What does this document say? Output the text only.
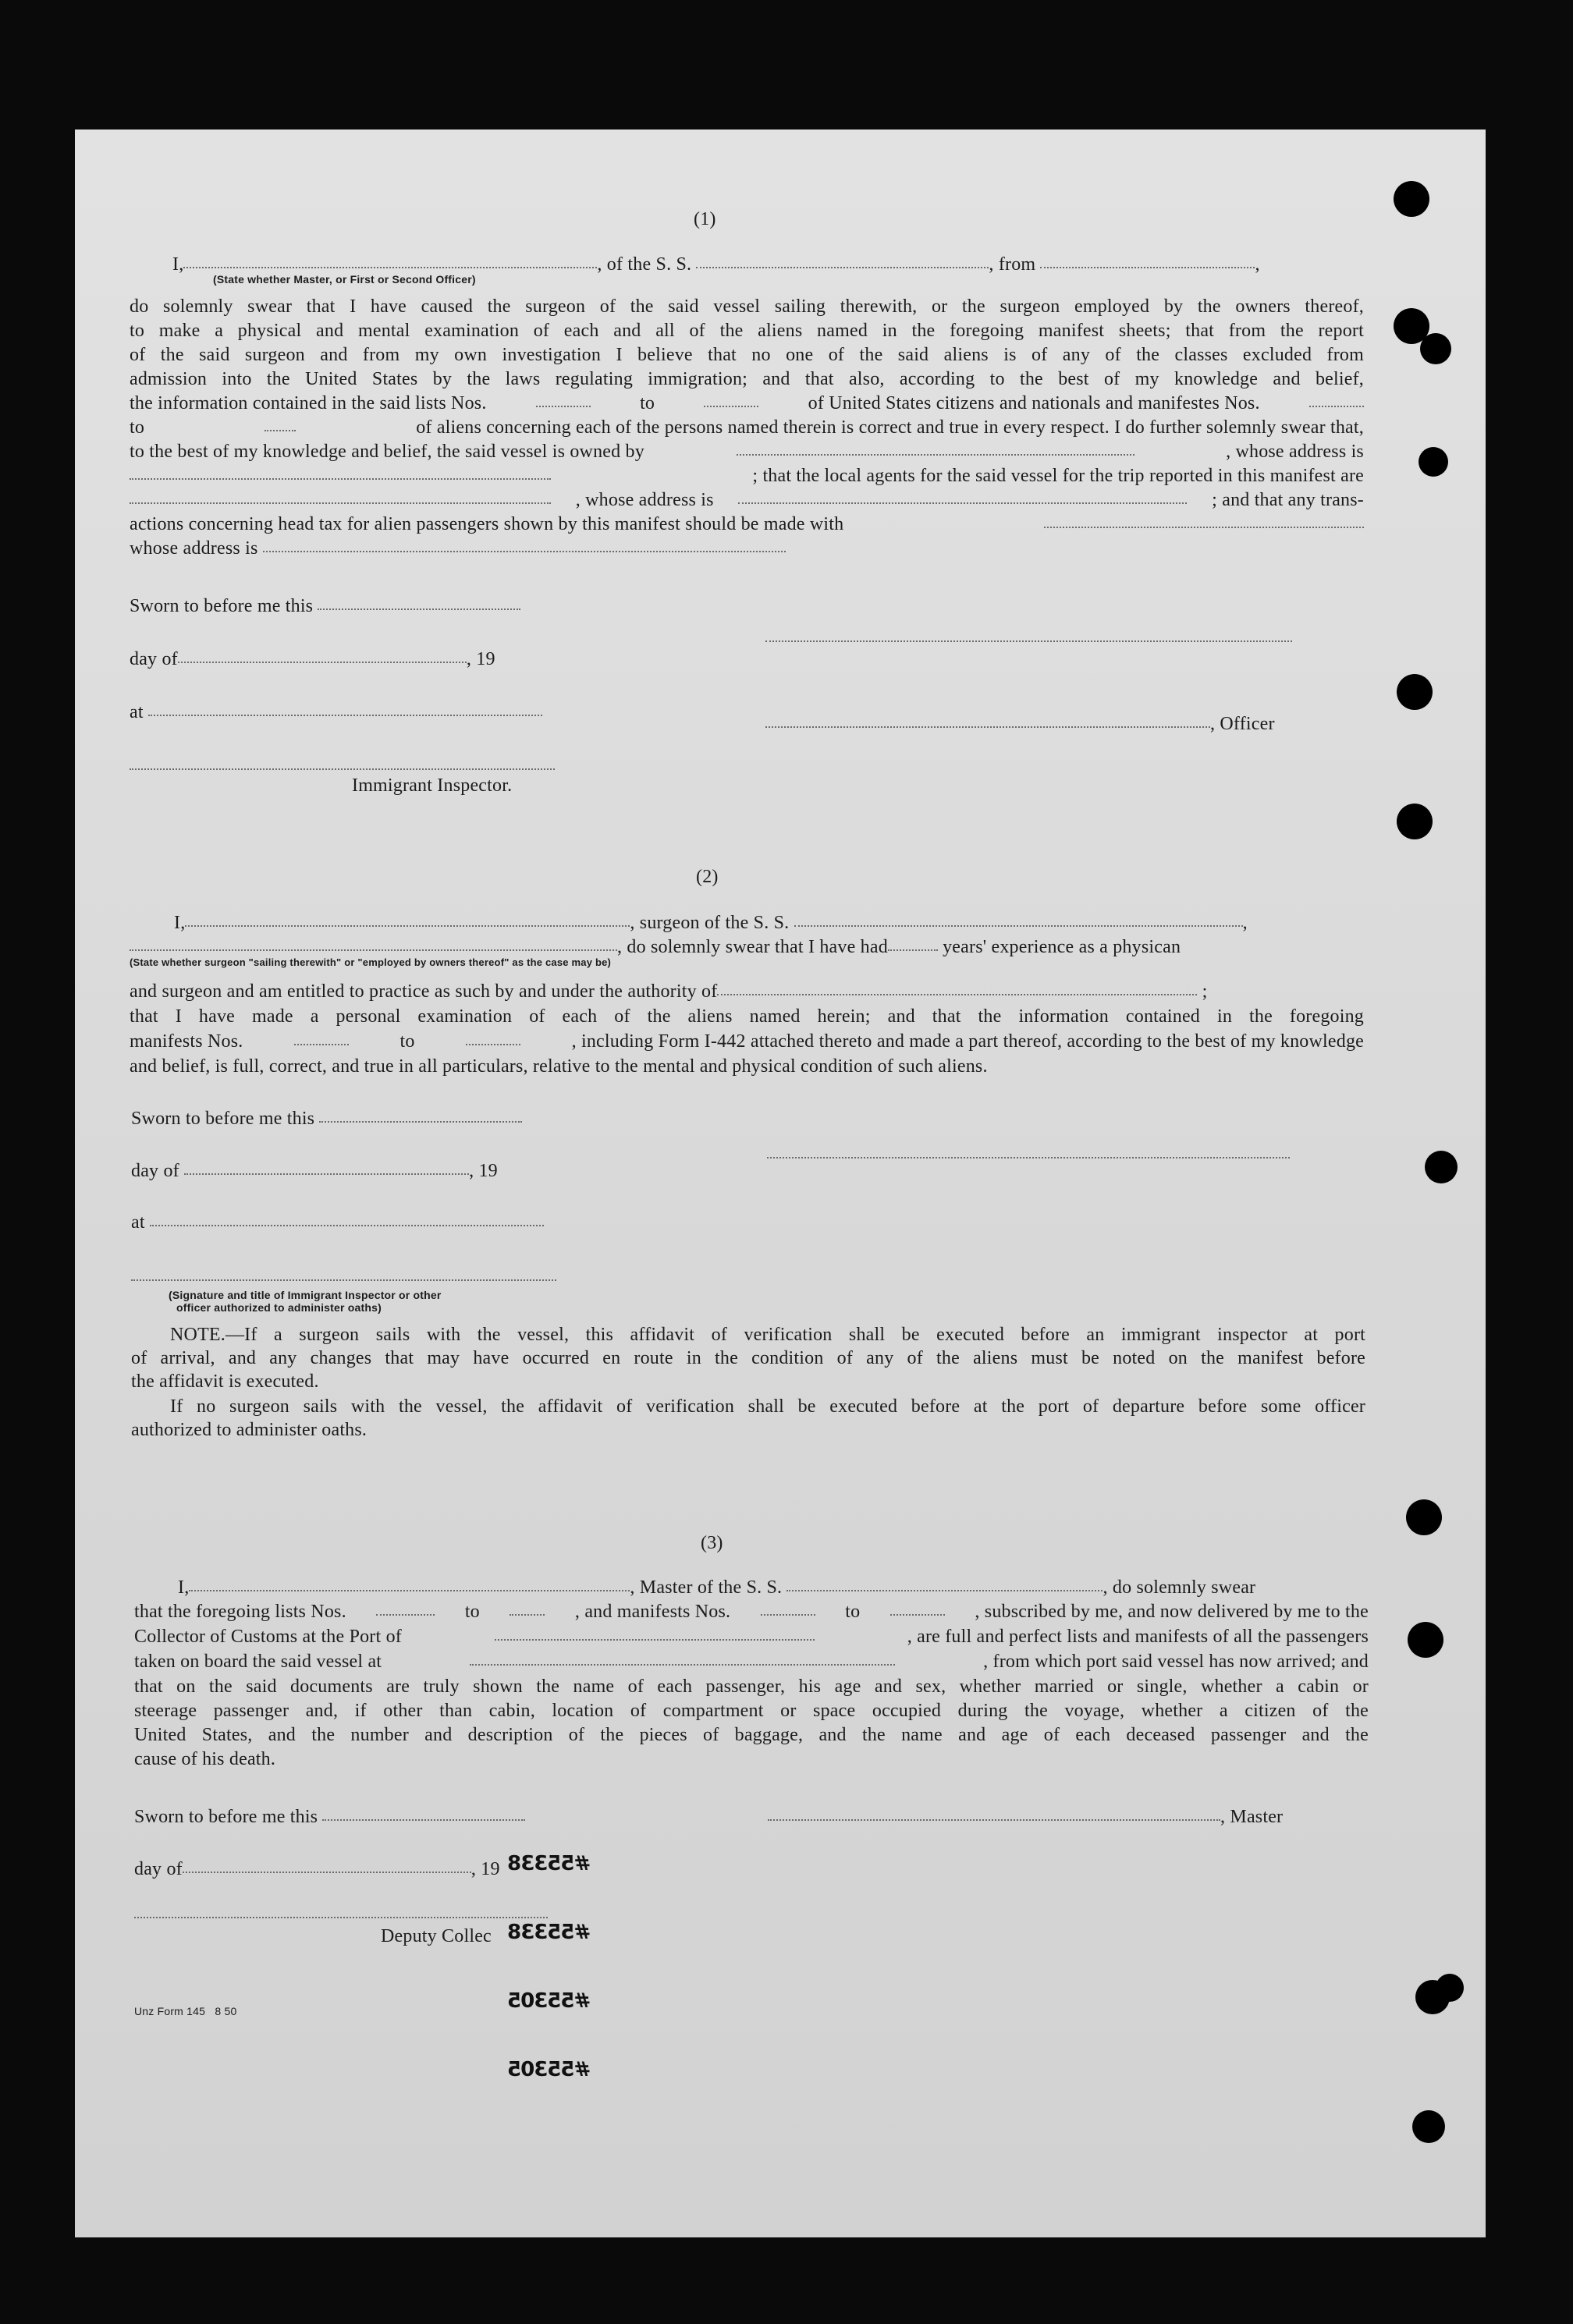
(1)
I,	, of the S. S.	, from	,
(State whether Master, or First or Second Officer)
do solemnly swear that I have caused the surgeon of the said vessel sailing therewith, or the surgeon employed by the owners thereof,
to make a physical and mental examination of each and all of the aliens named in the foregoing manifest sheets; that from the report
of the said surgeon and from my own investigation I believe that no one of the said aliens is of any of the classes excluded from
admission into the United States by the laws regulating immigration; and that also, according to the best of my knowledge and belief,
the information contained in the said lists Nos.	to	of United States citizens and nationals and manifestes Nos.
to	of aliens concerning each of the persons named therein is correct and true in every respect. I do further solemnly swear that,
to the best of my knowledge and belief, the said vessel is owned by	, whose address is
; that the local agents for the said vessel for the trip reported in this manifest are
, whose address is	; and that any trans-
actions concerning head tax for alien passengers shown by this manifest should be made with
whose address is
Sworn to before me this
day of	, 19
at
, Officer
Immigrant Inspector.
(2)
I,	, surgeon of the S. S.	,
, do solemnly swear that I have had	years' experience as a physican
(State whether surgeon "sailing therewith" or "employed by owners thereof" as the case may be)
and surgeon and am entitled to practice as such by and under the authority of	;
that I have made a personal examination of each of the aliens named herein; and that the information contained in the foregoing
manifests Nos.	to	, including Form I-442 attached thereto and made a part thereof, according to the best of my knowledge
and belief, is full, correct, and true in all particulars, relative to the mental and physical condition of such aliens.
Sworn to before me this
day of	, 19
at
(Signature and title of Immigrant Inspector or other
officer authorized to administer oaths)
NOTE.—If a surgeon sails with the vessel, this affidavit of verification shall be executed before an immigrant inspector at port
of arrival, and any changes that may have occurred en route in the condition of any of the aliens must be noted on the manifest before
the affidavit is executed.
If no surgeon sails with the vessel, the affidavit of verification shall be executed before at the port of departure before some officer
authorized to administer oaths.
(3)
I,	, Master of the S. S.	, do solemnly swear
that the foregoing lists Nos.	to	, and manifests Nos.	to	, subscribed by me, and now delivered by me to the
Collector of Customs at the Port of	, are full and perfect lists and manifests of all the passengers
taken on board the said vessel at	, from which port said vessel has now arrived; and
that on the said documents are truly shown the name of each passenger, his age and sex, whether married or single, whether a cabin or
steerage passenger and, if other than cabin, location of compartment or space occupied during the voyage, whether a citizen of the
United States, and the number and description of the pieces of baggage, and the name and age of each deceased passenger and the
cause of his death.
Sworn to before me this	, Master
day of	, 19
Deputy Collec
Unz Form 145 8 50
#55338
#55338
#55305
#55305
